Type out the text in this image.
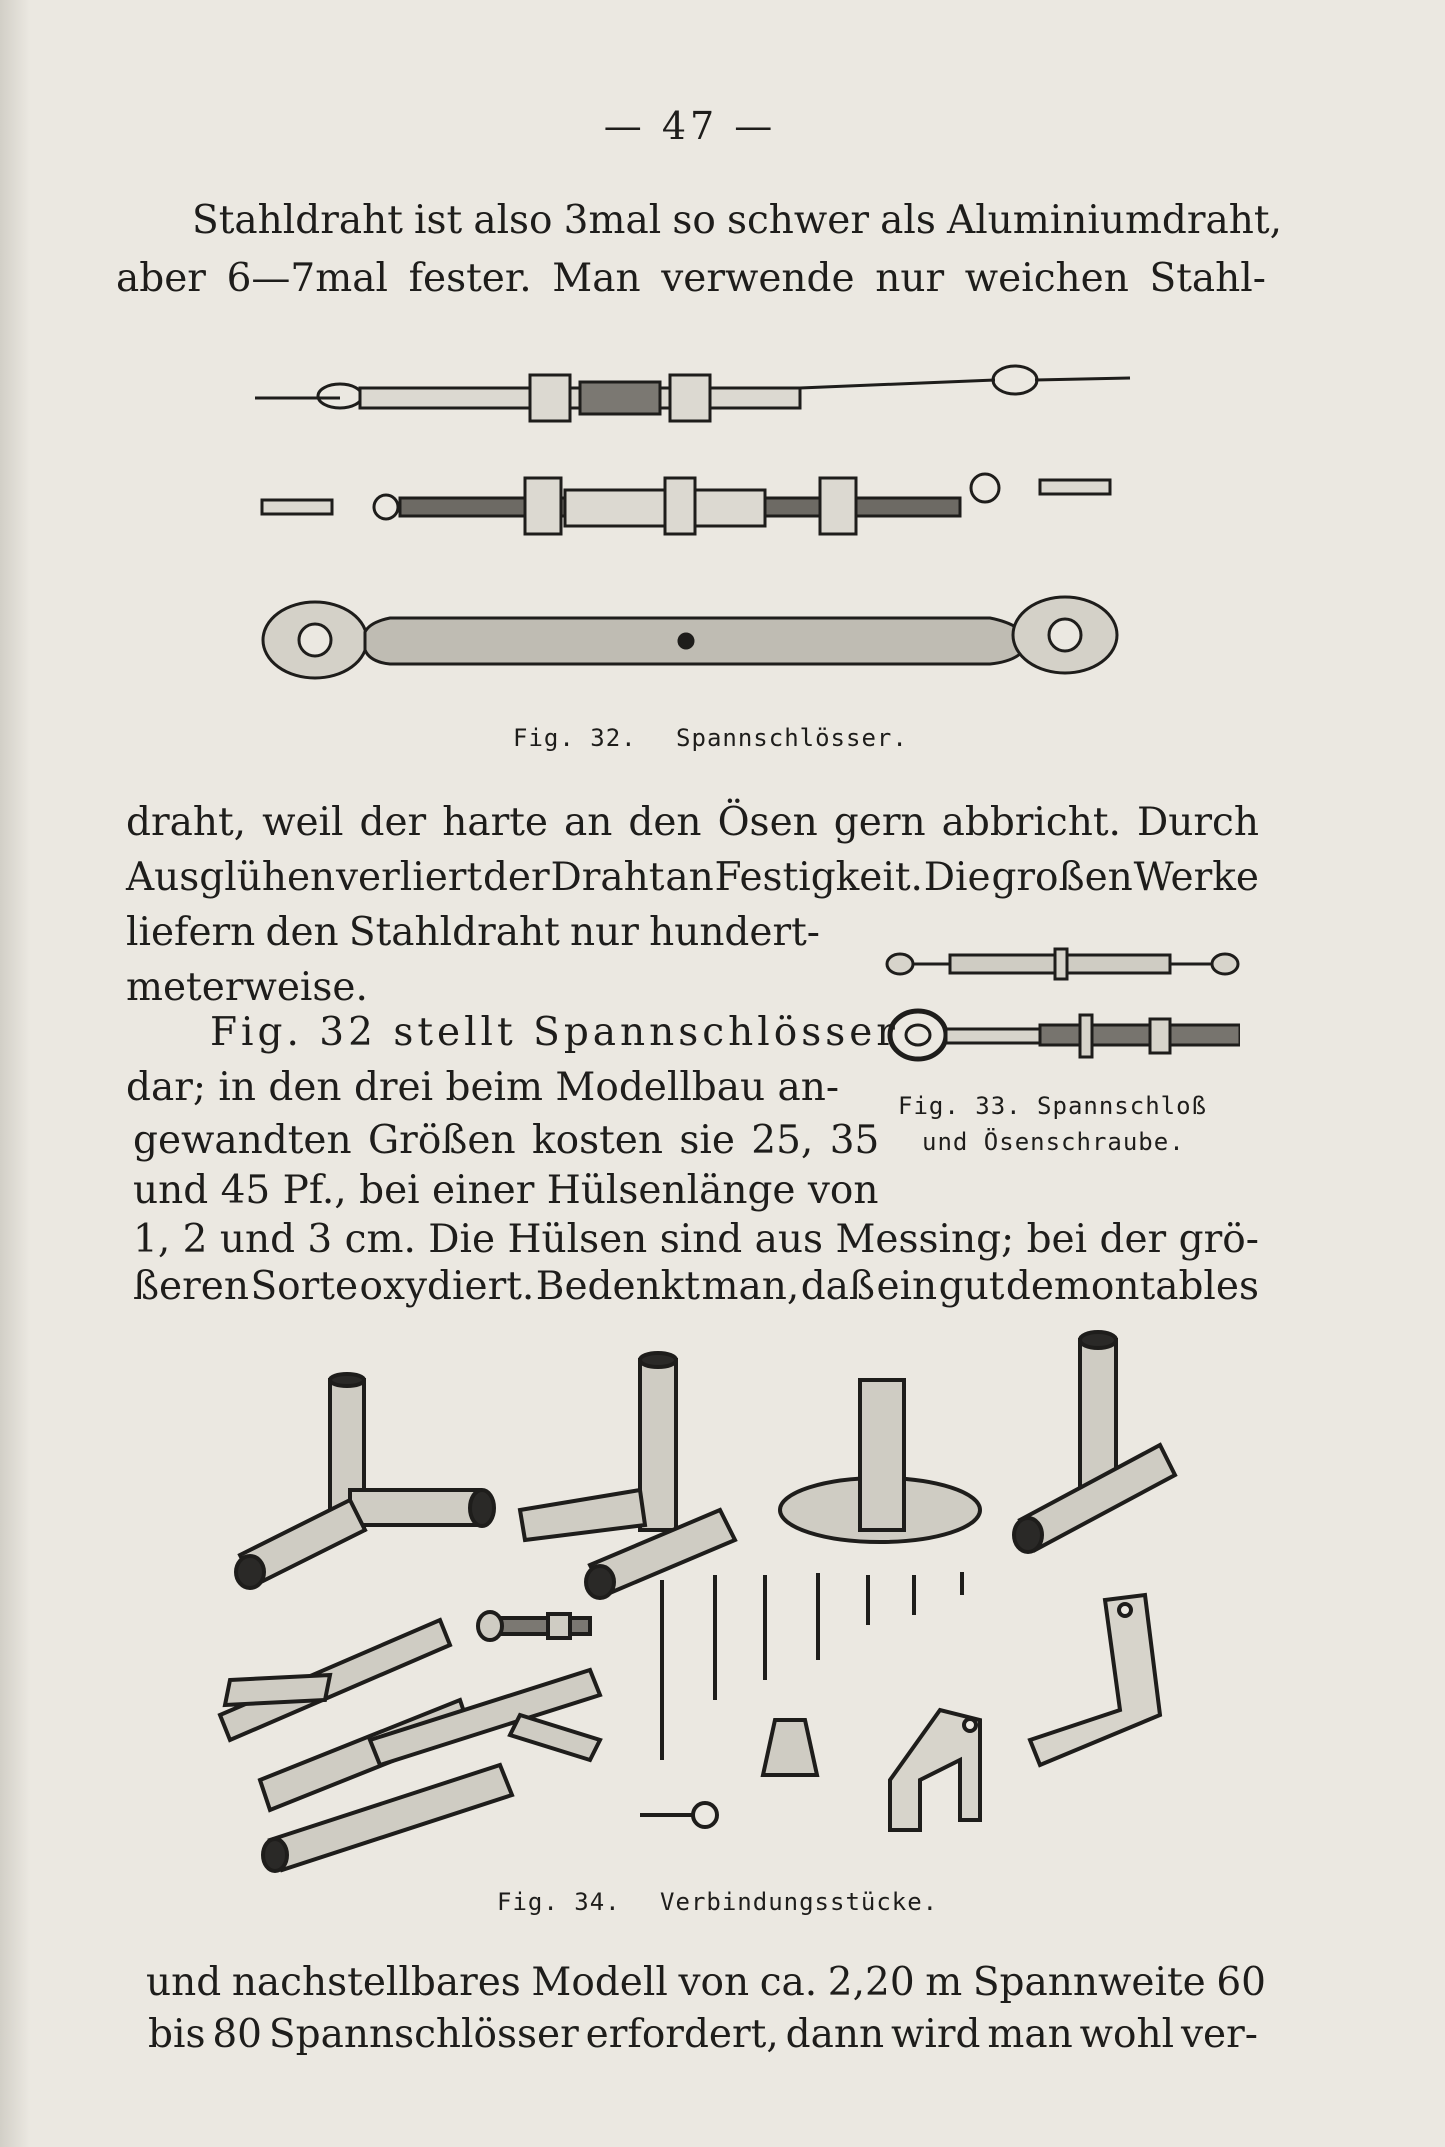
— 47 —
Stahldraht ist also 3mal so schwer als Aluminiumdraht,
aber 6—7mal fester. Man verwende nur weichen Stahl-
Fig. 32. Spannschlösser.
draht, weil der harte an den Ösen gern abbricht. Durch
Ausglühen verliert der Draht an Festigkeit. Die großen Werke
liefern den Stahldraht nur hundert-
meterweise.
Fig. 32 stellt Spannschlösser
dar; in den drei beim Modellbau an-
gewandten Größen kosten sie 25, 35
und 45 Pf., bei einer Hülsenlänge von
Fig. 33. Spannschloß
und Ösenschraube.
1, 2 und 3 cm. Die Hülsen sind aus Messing; bei der grö-
ßeren Sorte oxydiert. Bedenkt man, daß ein gut demontables
Fig. 34. Verbindungsstücke.
und nachstellbares Modell von ca. 2,20 m Spannweite 60
bis 80 Spannschlösser erfordert, dann wird man wohl ver-
